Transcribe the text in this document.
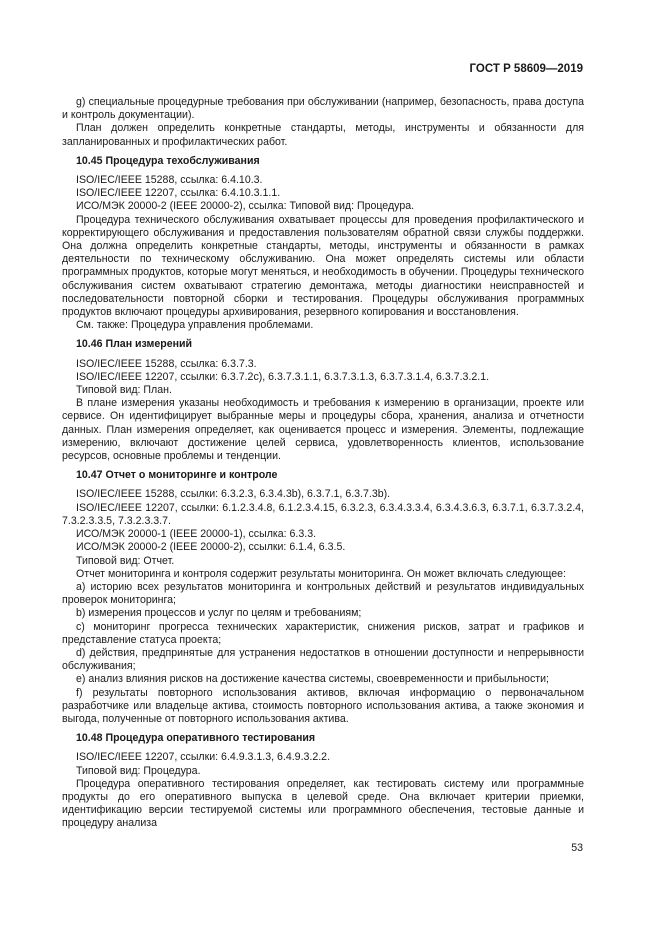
ГОСТ Р 58609—2019

g) специальные процедурные требования при обслуживании (например, безопасность, права доступа и контроль документации).

План должен определить конкретные стандарты, методы, инструменты и обязанности для запланированных и профилактических работ.

10.45 Процедура техобслуживания

ISO/IEC/IEEE 15288, ссылка: 6.4.10.3.

ISO/IEC/IEEE 12207, ссылка: 6.4.10.3.1.1.

ИСО/МЭК 20000-2 (IEEE 20000-2), ссылка: Типовой вид: Процедура.

Процедура технического обслуживания охватывает процессы для проведения профилактического и корректирующего обслуживания и предоставления пользователям обратной связи службы поддержки. Она должна определить конкретные стандарты, методы, инструменты и обязанности в рамках деятельности по техническому обслуживанию. Она может определять системы или области программных продуктов, которые могут меняться, и необходимость в обучении. Процедуры технического обслуживания систем охватывают стратегию демонтажа, методы диагностики неисправностей и последовательности повторной сборки и тестирования. Процедуры обслуживания программных продуктов включают процедуры архивирования, резервного копирования и восстановления.

См. также: Процедура управления проблемами.

10.46 План измерений

ISO/IEC/IEEE 15288, ссылка: 6.3.7.3.

ISO/IEC/IEEE 12207, ссылки: 6.3.7.2c), 6.3.7.3.1.1, 6.3.7.3.1.3, 6.3.7.3.1.4, 6.3.7.3.2.1.

Типовой вид: План.

В плане измерения указаны необходимость и требования к измерению в организации, проекте или сервисе. Он идентифицирует выбранные меры и процедуры сбора, хранения, анализа и отчетности данных. План измерения определяет, как оценивается процесс и измерения. Элементы, подлежащие измерению, включают достижение целей сервиса, удовлетворенность клиентов, использование ресурсов, основные проблемы и тенденции.

10.47 Отчет о мониторинге и контроле

ISO/IEC/IEEE 15288, ссылки: 6.3.2.3, 6.3.4.3b), 6.3.7.1, 6.3.7.3b).

ISO/IEC/IEEE 12207, ссылки: 6.1.2.3.4.8, 6.1.2.3.4.15, 6.3.2.3, 6.3.4.3.3.4, 6.3.4.3.6.3, 6.3.7.1, 6.3.7.3.2.4, 7.3.2.3.3.5, 7.3.2.3.3.7.

ИСО/МЭК 20000-1 (IEEE 20000-1), ссылка: 6.3.3.

ИСО/МЭК 20000-2 (IEEE 20000-2), ссылки: 6.1.4, 6.3.5.

Типовой вид: Отчет.

Отчет мониторинга и контроля содержит результаты мониторинга. Он может включать следующее:

a) историю всех результатов мониторинга и контрольных действий и результатов индивидуальных проверок мониторинга;

b) измерения процессов и услуг по целям и требованиям;

c) мониторинг прогресса технических характеристик, снижения рисков, затрат и графиков и представление статуса проекта;

d) действия, предпринятые для устранения недостатков в отношении доступности и непрерывности обслуживания;

e) анализ влияния рисков на достижение качества системы, своевременности и прибыльности;

f) результаты повторного использования активов, включая информацию о первоначальном разработчике или владельце актива, стоимость повторного использования актива, а также экономия и выгода, полученные от повторного использования актива.

10.48 Процедура оперативного тестирования

ISO/IEC/IEEE 12207, ссылки: 6.4.9.3.1.3, 6.4.9.3.2.2.

Типовой вид: Процедура.

Процедура оперативного тестирования определяет, как тестировать систему или программные продукты до его оперативного выпуска в целевой среде. Она включает критерии приемки, идентификацию версии тестируемой системы или программного обеспечения, тестовые данные и процедуру анализа

53
